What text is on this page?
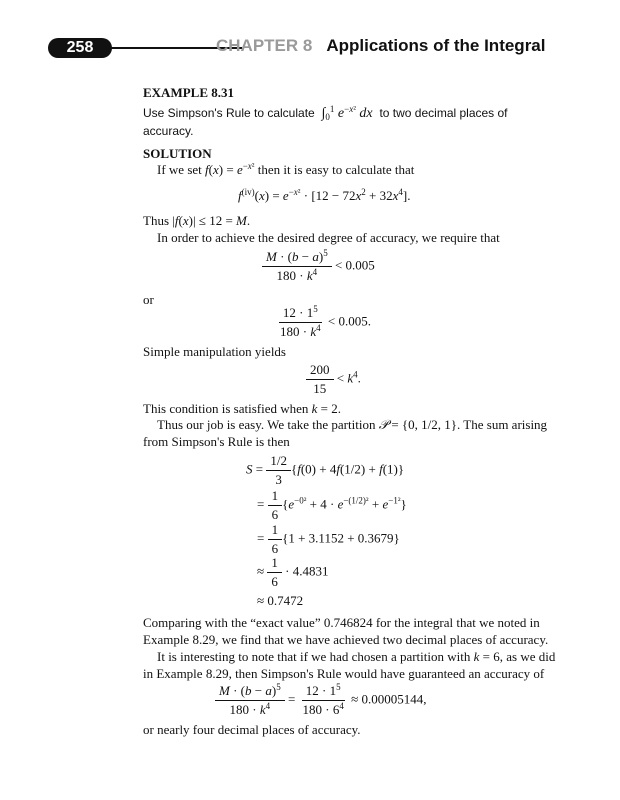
258	CHAPTER 8 Applications of the Integral
EXAMPLE 8.31
Use Simpson's Rule to calculate  $\int_0^1$ $e^{-x^2}$ dx to two decimal places of
accuracy.
SOLUTION
If we set $f(x) = e^{-x^2}$ then it is easy to calculate that
$f^{(iv)}(x) = e^{-x^2} \cdot [12 - 72x^2 + 32x^4]$.
Thus |f(x)| ≤ 12 = M.
In order to achieve the desired degree of accuracy, we require that
$\frac{M \cdot (b - a)^5}{180 \cdot k^4} < 0.005$
or
$\frac{12 \cdot 1^5}{180 \cdot k^4} < 0.005$.
Simple manipulation yields
$\frac{200}{15} < k^4$.
This condition is satisfied when k = 2.
Thus our job is easy. We take the partition 𝒫 = {0, 1/2, 1}. The sum arising
from Simpson's Rule is then
$S = \frac{1/2}{3} \{f(0) + 4f(1/2) + f(1)\}$
= $\frac{1}{6} \{e^{-0^2} + 4 \cdot e^{-(1/2)^2} + e^{-1^2}\}$
= $\frac{1}{6} \{1 + 3.1152 + 0.3679\}$
≈ $\frac{1}{6} \cdot 4.4831$
≈ 0.7472
Comparing with the “exact value” 0.746824 for the integral that we noted in
Example 8.29, we find that we have achieved two decimal places of accuracy.
It is interesting to note that if we had chosen a partition with k = 6, as we did
in Example 8.29, then Simpson's Rule would have guaranteed an accuracy of
$\frac{M \cdot (b - a)^5}{180 \cdot k^4} = \frac{12 \cdot 1^5}{180 \cdot 6^4} \approx 0.00005144$,
or nearly four decimal places of accuracy.
